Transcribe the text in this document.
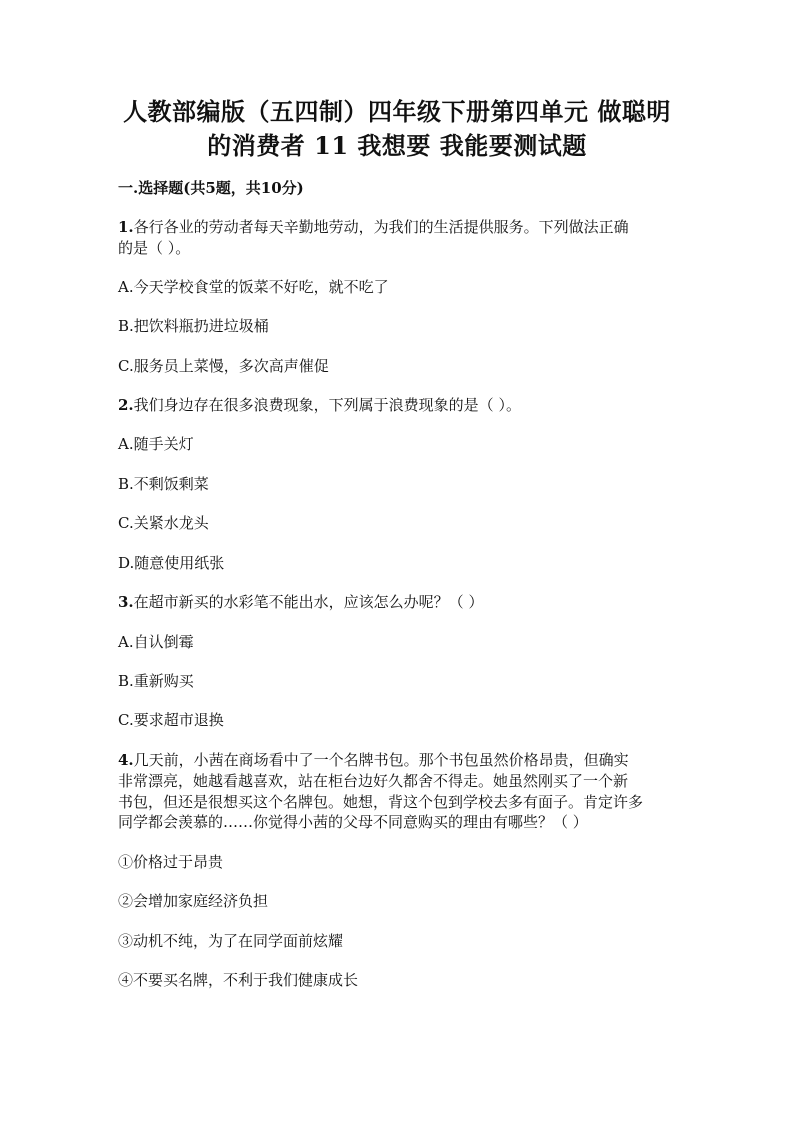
人教部编版（五四制）四年级下册第四单元 做聪明
的消费者 11 我想要 我能要测试题
一.选择题(共5题，共10分)
1.各行各业的劳动者每天辛勤地劳动，为我们的生活提供服务。下列做法正确
的是（ ）。
A.今天学校食堂的饭菜不好吃，就不吃了
B.把饮料瓶扔进垃圾桶
C.服务员上菜慢，多次高声催促
2.我们身边存在很多浪费现象，下列属于浪费现象的是（ ）。
A.随手关灯
B.不剩饭剩菜
C.关紧水龙头
D.随意使用纸张
3.在超市新买的水彩笔不能出水，应该怎么办呢？（ ）
A.自认倒霉
B.重新购买
C.要求超市退换
4.几天前，小茜在商场看中了一个名牌书包。那个书包虽然价格昂贵，但确实
非常漂亮，她越看越喜欢，站在柜台边好久都舍不得走。她虽然刚买了一个新
书包，但还是很想买这个名牌包。她想，背这个包到学校去多有面子。肯定许多
同学都会羡慕的……你觉得小茜的父母不同意购买的理由有哪些？（ ）
①价格过于昂贵
②会增加家庭经济负担
③动机不纯，为了在同学面前炫耀
④不要买名牌，不利于我们健康成长
